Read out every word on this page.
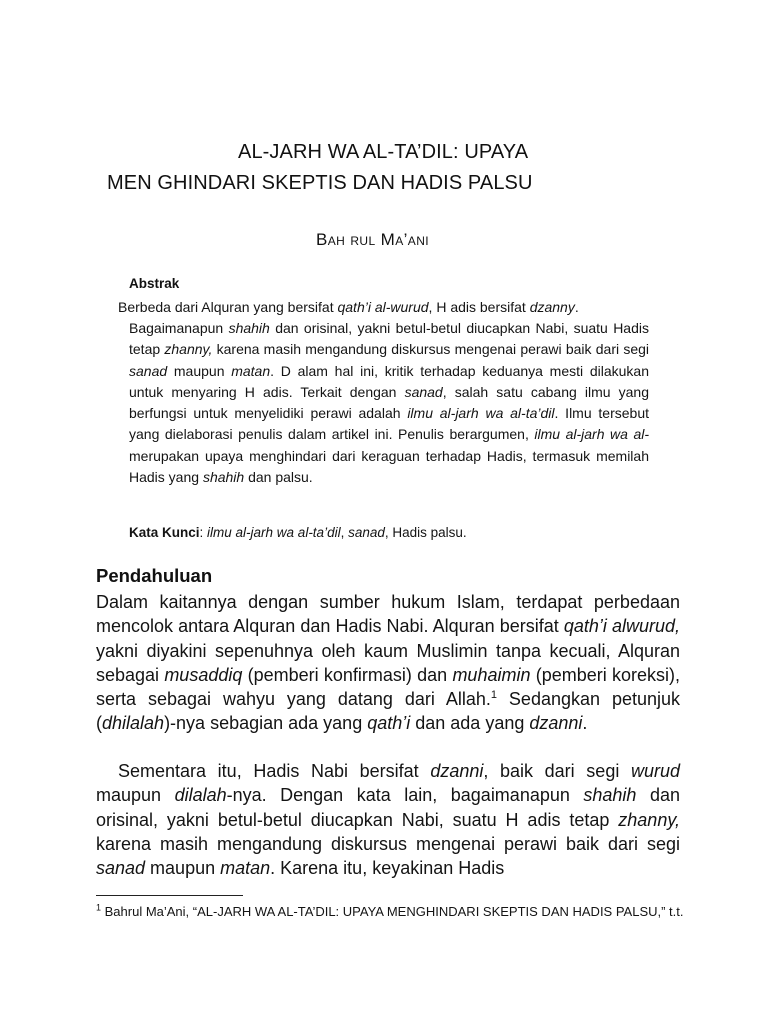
AL-JARH WA AL-TA’DIL: UPAYA
MEN GHINDARI SKEPTIS DAN HADIS PALSU
Bah rul Ma’ani
Abstrak
Berbeda dari Alquran yang bersifat qath’i al-wurud, H adis bersifat dzanny.
Bagaimanapun shahih dan orisinal, yakni betul-betul diucapkan Nabi, suatu Hadis tetap zhanny, karena masih mengandung diskursus mengenai perawi baik dari segi sanad maupun matan. D alam hal ini, kritik terhadap keduanya mesti dilakukan untuk menyaring H adis. Terkait dengan sanad, salah satu cabang ilmu yang berfungsi untuk menyelidiki perawi adalah ilmu al-jarh wa al-ta’dil. Ilmu tersebut yang dielaborasi penulis dalam artikel ini. Penulis berargumen, ilmu al-jarh wa al- merupakan upaya menghindari dari keraguan terhadap Hadis, termasuk memilah Hadis yang shahih dan palsu.
Kata Kunci: ilmu al-jarh wa al-ta’dil, sanad, Hadis palsu.
Pendahuluan
Dalam kaitannya dengan sumber hukum Islam, terdapat perbedaan mencolok antara Alquran dan Hadis Nabi. Alquran bersifat qath’i alwurud, yakni diyakini sepenuhnya oleh kaum Muslimin tanpa kecuali, Alquran sebagai musaddiq (pemberi konfirmasi) dan muhaimin (pemberi koreksi), serta sebagai wahyu yang datang dari Allah.$^1$ Sedangkan petunjuk (dhilalah)-nya sebagian ada yang qath’i dan ada yang dzanni.
Sementara itu, Hadis Nabi bersifat dzanni, baik dari segi wurud maupun dilalah-nya. Dengan kata lain, bagaimanapun shahih dan orisinal, yakni betul-betul diucapkan Nabi, suatu H adis tetap zhanny, karena masih mengandung diskursus mengenai perawi baik dari segi sanad maupun matan. Karena itu, keyakinan Hadis
$^1$ Bahrul Ma’Ani, “AL-JARH WA AL-TA’DIL: UPAYA MENGHINDARI SKEPTIS DAN HADIS PALSU,” t.t.
